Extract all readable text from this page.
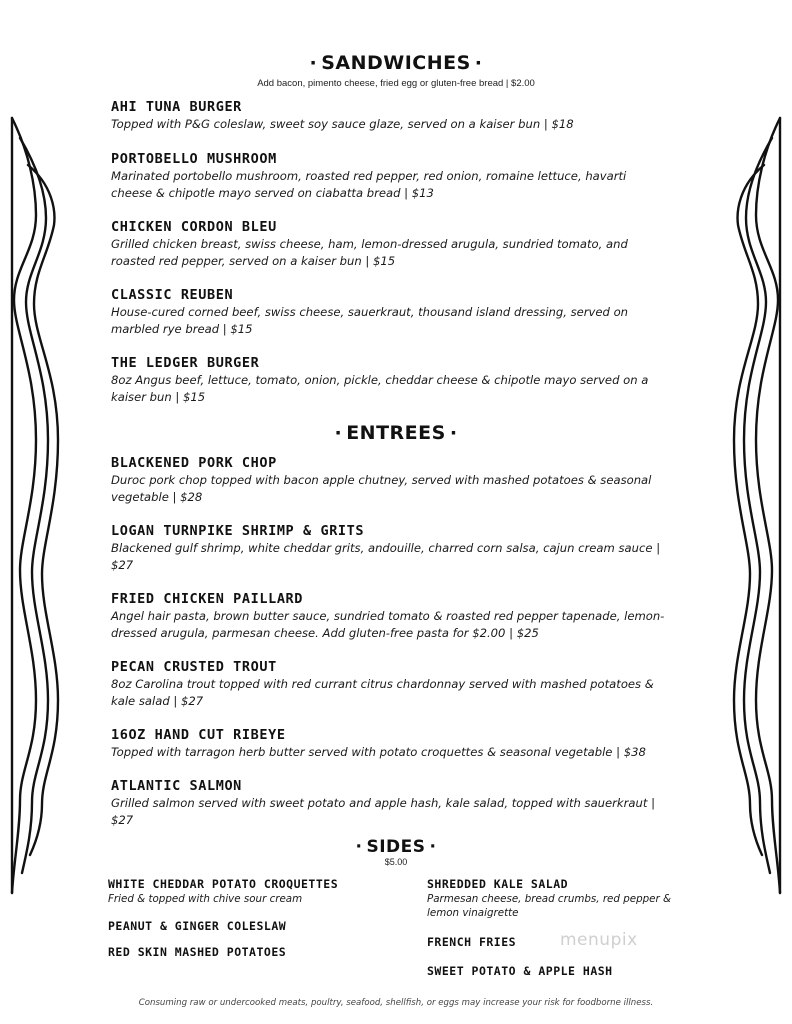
· SANDWICHES ·
Add bacon, pimento cheese, fried egg or gluten-free bread | $2.00
AHI TUNA BURGER
Topped with P&G coleslaw, sweet soy sauce glaze, served on a kaiser bun | $18
PORTOBELLO MUSHROOM
Marinated portobello mushroom, roasted red pepper, red onion, romaine lettuce, havarti cheese & chipotle mayo served on ciabatta bread | $13
CHICKEN CORDON BLEU
Grilled chicken breast, swiss cheese, ham, lemon-dressed arugula, sundried tomato, and roasted red pepper, served on a kaiser bun | $15
CLASSIC REUBEN
House-cured corned beef, swiss cheese, sauerkraut, thousand island dressing, served on marbled rye bread | $15
THE LEDGER BURGER
8oz Angus beef, lettuce, tomato, onion, pickle, cheddar cheese & chipotle mayo served on a kaiser bun | $15
· ENTREES ·
BLACKENED PORK CHOP
Duroc pork chop topped with bacon apple chutney, served with mashed potatoes & seasonal vegetable | $28
LOGAN TURNPIKE SHRIMP & GRITS
Blackened gulf shrimp, white cheddar grits, andouille, charred corn salsa, cajun cream sauce | $27
FRIED CHICKEN PAILLARD
Angel hair pasta, brown butter sauce, sundried tomato & roasted red pepper tapenade, lemon-dressed arugula, parmesan cheese. Add gluten-free pasta for $2.00 | $25
PECAN CRUSTED TROUT
8oz Carolina trout topped with red currant citrus chardonnay served with mashed potatoes & kale salad | $27
16OZ HAND CUT RIBEYE
Topped with tarragon herb butter served with potato croquettes & seasonal vegetable | $38
ATLANTIC SALMON
Grilled salmon served with sweet potato and apple hash, kale salad, topped with sauerkraut | $27
· SIDES ·
$5.00
WHITE CHEDDAR POTATO CROQUETTES
Fried & topped with chive sour cream
PEANUT & GINGER COLESLAW
RED SKIN MASHED POTATOES
SHREDDED KALE SALAD
Parmesan cheese, bread crumbs, red pepper & lemon vinaigrette
FRENCH FRIES
SWEET POTATO & APPLE HASH
menupix
Consuming raw or undercooked meats, poultry, seafood, shellfish, or eggs may increase your risk for foodborne illness.
